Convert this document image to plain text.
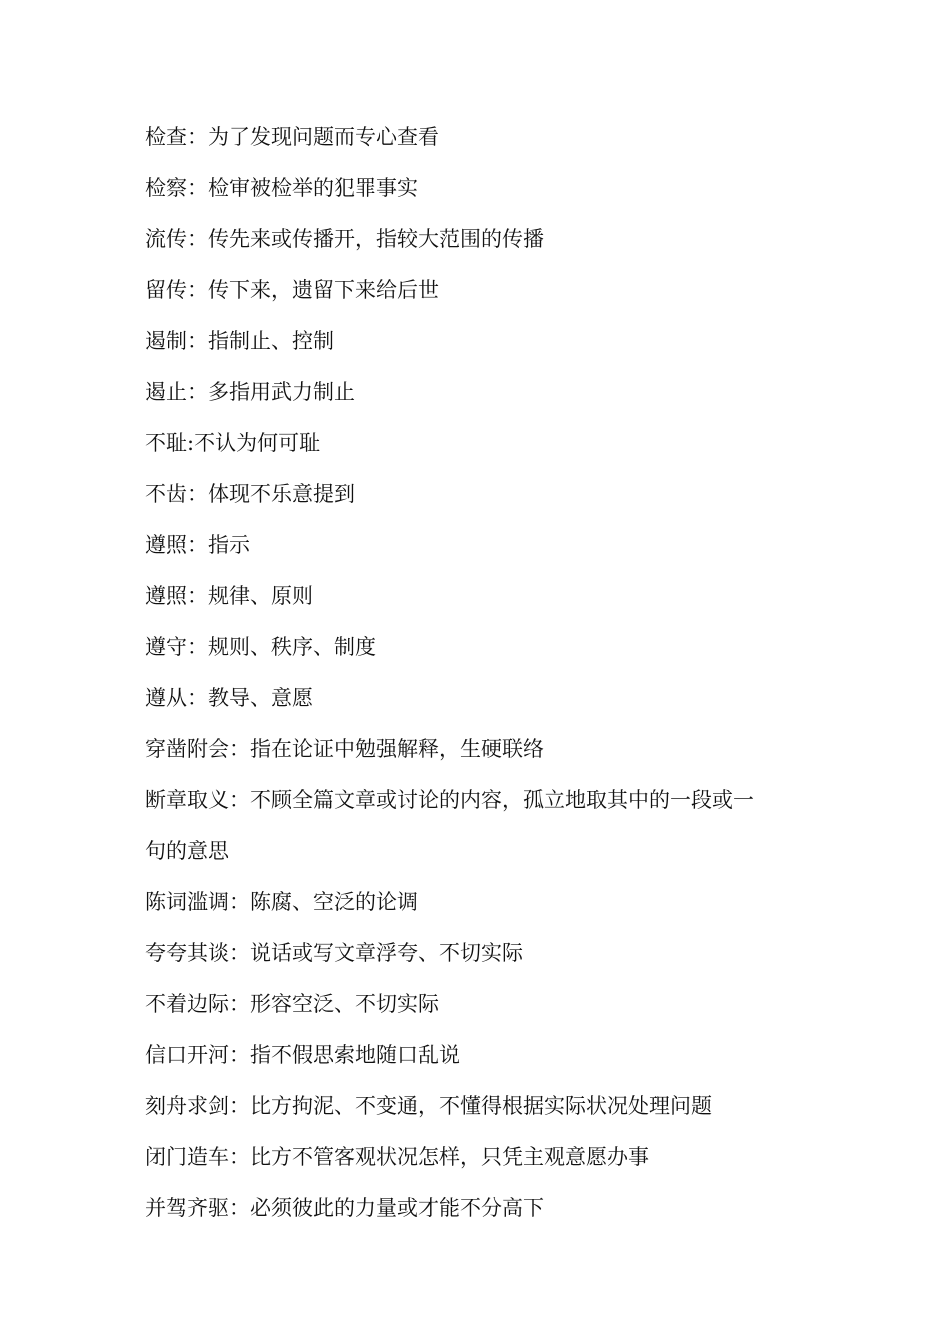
检查：为了发现问题而专心查看
检察：检审被检举的犯罪事实
流传：传先来或传播开，指较大范围的传播
留传：传下来，遗留下来给后世
遏制：指制止、控制
遏止：多指用武力制止
不耻:不认为何可耻
不齿：体现不乐意提到
遵照：指示
遵照：规律、原则
遵守：规则、秩序、制度
遵从：教导、意愿
穿凿附会：指在论证中勉强解释，生硬联络
断章取义：不顾全篇文章或讨论的内容，孤立地取其中的一段或一
句的意思
陈词滥调：陈腐、空泛的论调
夸夸其谈：说话或写文章浮夸、不切实际
不着边际：形容空泛、不切实际
信口开河：指不假思索地随口乱说
刻舟求剑：比方拘泥、不变通，不懂得根据实际状况处理问题
闭门造车：比方不管客观状况怎样，只凭主观意愿办事
并驾齐驱：必须彼此的力量或才能不分高下
